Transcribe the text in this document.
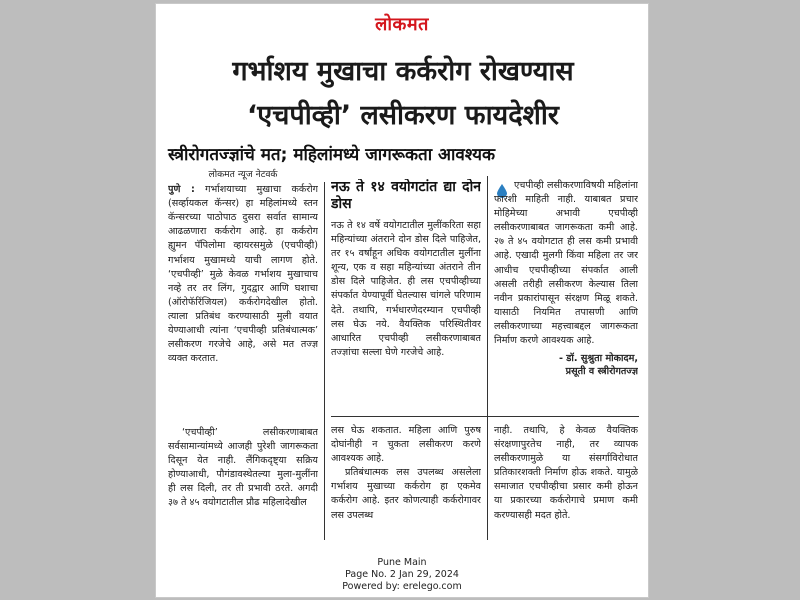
लोकमत
गर्भाशय मुखाचा कर्करोग रोखण्यास
‘एचपीव्ही’ लसीकरण फायदेशीर
स्त्रीरोगतज्ज्ञांचे मत; महिलांमध्ये जागरूकता आवश्यक
लोकमत न्यूज नेटवर्क

पुणे : गर्भाशयाच्या मुखाचा कर्करोग (सर्व्हायकल कॅन्सर) हा महिलांमध्ये स्तन कॅन्सरच्या पाठोपाठ दुसरा सर्वात सामान्य आढळणारा कर्करोग आहे. हा कर्करोग ह्युमन पॅपिलोमा व्हायरसमुळे (एचपीव्ही) गर्भाशय मुखामध्ये याची लागण होते. ‘एचपीव्ही’ मुळे केवळ गर्भाशय मुखाचाच नव्हे तर तर लिंग, गुदद्वार आणि घशाचा (ऑरोफॅरिंजियल) कर्करोगदेखील होतो. त्याला प्रतिबंध करण्यासाठी मुली वयात येण्याआधी त्यांना ‘एचपीव्ही प्रतिबंधात्मक’ लसीकरण गरजेचे आहे, असे मत तज्ज्ञ व्यक्त करतात.

‘एचपीव्ही’ लसीकरणाबाबत सर्वसामान्यांमध्ये आजही पुरेशी जागरूकता दिसून येत नाही. लैंगिकदृष्ट्या सक्रिय होण्याआधी, पौगंडावस्थेतल्या मुला-मुलींना ही लस दिली, तर ती प्रभावी ठरते. अगदी ३७ ते ४५ वयोगटातील प्रौढ महिलादेखील

नऊ ते १४ वयोगटांत द्या दोन डोस

नऊ ते १४ वर्षे वयोगटातील मुलींकरिता सहा महिन्यांच्या अंतराने दोन डोस दिले पाहिजेत, तर १५ वर्षांहून अधिक वयोगटातील मुलींना शून्य, एक व सहा महिन्यांच्या अंतराने तीन डोस दिले पाहिजेत. ही लस एचपीव्हीच्या संपर्कात येण्यापूर्वी घेतल्यास चांगले परिणाम देते. तथापि, गर्भधारणेदरम्यान एचपीव्ही लस घेऊ नये. वैयक्तिक परिस्थितीवर आधारित एचपीव्ही लसीकरणाबाबत तज्ज्ञांचा सल्ला घेणे गरजेचे आहे.

एचपीव्ही लसीकरणाविषयी महिलांना फारशी माहिती नाही. याबाबत प्रचार मोहिमेच्या अभावी एचपीव्ही लसीकरणाबाबत जागरूकता कमी आहे. २७ ते ४५ वयोगटात ही लस कमी प्रभावी आहे. एखादी मुलगी किंवा महिला तर जर आधीच एचपीव्हीच्या संपर्कात आली असली तरीही लसीकरण केल्यास तिला नवीन प्रकारांपासून संरक्षण मिळू शकते. यासाठी नियमित तपासणी आणि लसीकरणाच्या महत्त्वाबद्दल जागरूकता निर्माण करणे आवश्यक आहे.

- डॉ. सुश्रुता मोकादम,
प्रसूती व स्त्रीरोगतज्ज्ञ

लस घेऊ शकतात. महिला आणि पुरुष दोघांनीही न चुकता लसीकरण करणे आवश्यक आहे.

प्रतिबंधात्मक लस उपलब्ध असलेला गर्भाशय मुखाच्या कर्करोग हा एकमेव कर्करोग आहे. इतर कोणत्याही कर्करोगावर लस उपलब्ध

नाही. तथापि, हे केवळ वैयक्तिक संरक्षणापुरतेच नाही, तर व्यापक लसीकरणामुळे या संसर्गाविरोधात प्रतिकारशक्ती निर्माण होऊ शकते. यामुळे समाजात एचपीव्हीचा प्रसार कमी होऊन या प्रकारच्या कर्करोगाचे प्रमाण कमी करण्यासही मदत होते.

Pune Main
Page No. 2 Jan 29, 2024
Powered by: erelego.com
